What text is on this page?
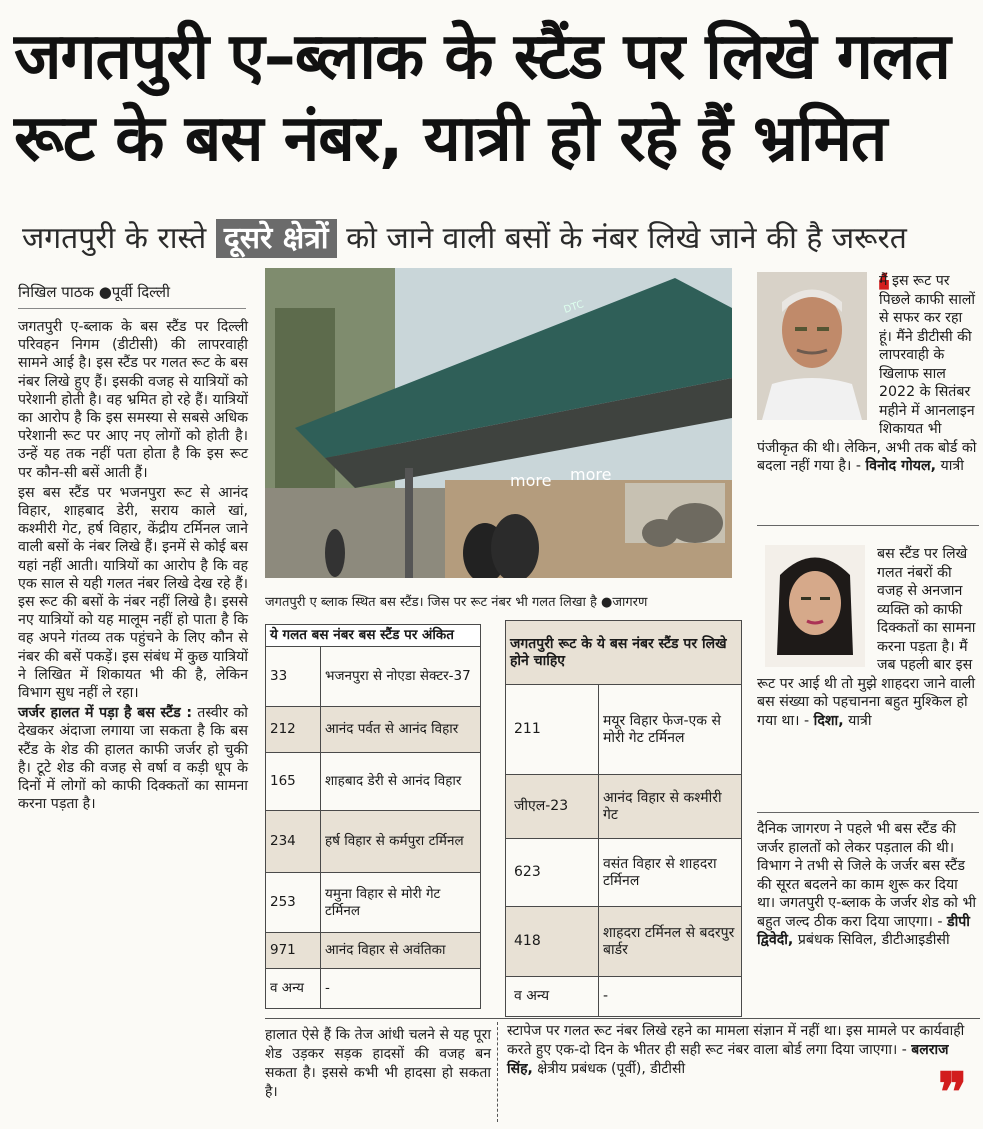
जगतपुरी ए–ब्लाक के स्टैंड पर लिखे गलत
रूट के बस नंबर, यात्री हो रहे हैं भ्रमित
जगतपुरी के रास्ते दूसरे क्षेत्रों को जाने वाली बसों के नंबर लिखे जाने की है जरूरत
निखिल पाठक ●पूर्वी दिल्ली

जगतपुरी ए-ब्लाक के बस स्टैंड पर दिल्ली परिवहन निगम (डीटीसी) की लापरवाही सामने आई है। इस स्टैंड पर गलत रूट के बस नंबर लिखे हुए हैं। इसकी वजह से यात्रियों को परेशानी होती है। वह भ्रमित हो रहे हैं। यात्रियों का आरोप है कि इस समस्या से सबसे अधिक परेशानी रूट पर आए नए लोगों को होती है। उन्हें यह तक नहीं पता होता है कि इस रूट पर कौन-सी बसें आती हैं।

इस बस स्टैंड पर भजनपुरा रूट से आनंद विहार, शाहबाद डेरी, सराय काले खां, कश्मीरी गेट, हर्ष विहार, केंद्रीय टर्मिनल जाने वाली बसों के नंबर लिखे हैं। इनमें से कोई बस यहां नहीं आती। यात्रियों का आरोप है कि वह एक साल से यही गलत नंबर लिखे देख रहे हैं। इस रूट की बसों के नंबर नहीं लिखे है। इससे नए यात्रियों को यह मालूम नहीं हो पाता है कि वह अपने गंतव्य तक पहुंचने के लिए कौन से नंबर की बसें पकड़ें। इस संबंध में कुछ यात्रियों ने लिखित में शिकायत भी की है, लेकिन विभाग सुध नहीं ले रहा।

जर्जर हालत में पड़ा है बस स्टैंड : तस्वीर को देखकर अंदाजा लगाया जा सकता है कि बस स्टैंड के शेड की हालत काफी जर्जर हो चुकी है। टूटे शेड की वजह से वर्षा व कड़ी धूप के दिनों में लोगों को काफी दिक्कतों का सामना करना पड़ता है।

more more
DTC
जगतपुरी ए ब्लाक स्थित बस स्टैंड। जिस पर रूट नंबर भी गलत लिखा है ●जागरण
ये गलत बस नंबर बस स्टैंड पर अंकित	
33	भजनपुरा से नोएडा सेक्टर-37
212	आनंद पर्वत से आनंद विहार
165	शाहबाद डेरी से आनंद विहार
234	हर्ष विहार से कर्मपुरा टर्मिनल
253	यमुना विहार से मोरी गेट टर्मिनल
971	आनंद विहार से अवंतिका
व अन्य	-
जगतपुरी रूट के ये बस नंबर स्टैंड पर लिखे होने चाहिए	
211	मयूर विहार फेज-एक से मोरी गेट टर्मिनल
जीएल-23	आनंद विहार से कश्मीरी गेट
623	वसंत विहार से शाहदरा टर्मिनल
418	शाहदरा टर्मिनल से बदरपुर बार्डर
व अन्य	-
हालात ऐसे हैं कि तेज आंधी चलने से यह पूरा शेड उड़कर सड़क हादसों की वजह बन सकता है। इससे कभी भी हादसा हो सकता है।
स्टापेज पर गलत रूट नंबर लिखे रहने का मामला संज्ञान में नहीं था। इस मामले पर कार्यवाही करते हुए एक-दो दिन के भीतर ही सही रूट नंबर वाला बोर्ड लगा दिया जाएगा। - बलराज सिंह, क्षेत्रीय प्रबंधक (पूर्वी), डीटीसी	❞
❛
मैं इस रूट पर पिछले काफी सालों से सफर कर रहा हूं। मैंने डीटीसी की लापरवाही के खिलाफ साल 2022 के सितंबर महीने में आनलाइन शिकायत भी पंजीकृत की थी। लेकिन, अभी तक बोर्ड को बदला नहीं गया है। - विनोद गोयल, यात्री
बस स्टैंड पर लिखे गलत नंबरों की वजह से अनजान व्यक्ति को काफी दिक्कतों का सामना करना पड़ता है। मैं जब पहली बार इस रूट पर आई थी तो मुझे शाहदरा जाने वाली बस संख्या को पहचानना बहुत मुश्किल हो गया था। - दिशा, यात्री
दैनिक जागरण ने पहले भी बस स्टैंड की जर्जर हालतों को लेकर पड़ताल की थी। विभाग ने तभी से जिले के जर्जर बस स्टैंड की सूरत बदलने का काम शुरू कर दिया था। जगतपुरी ए-ब्लाक के जर्जर शेड को भी बहुत जल्द ठीक करा दिया जाएगा। - डीपी द्विवेदी, प्रबंधक सिविल, डीटीआइडीसी
